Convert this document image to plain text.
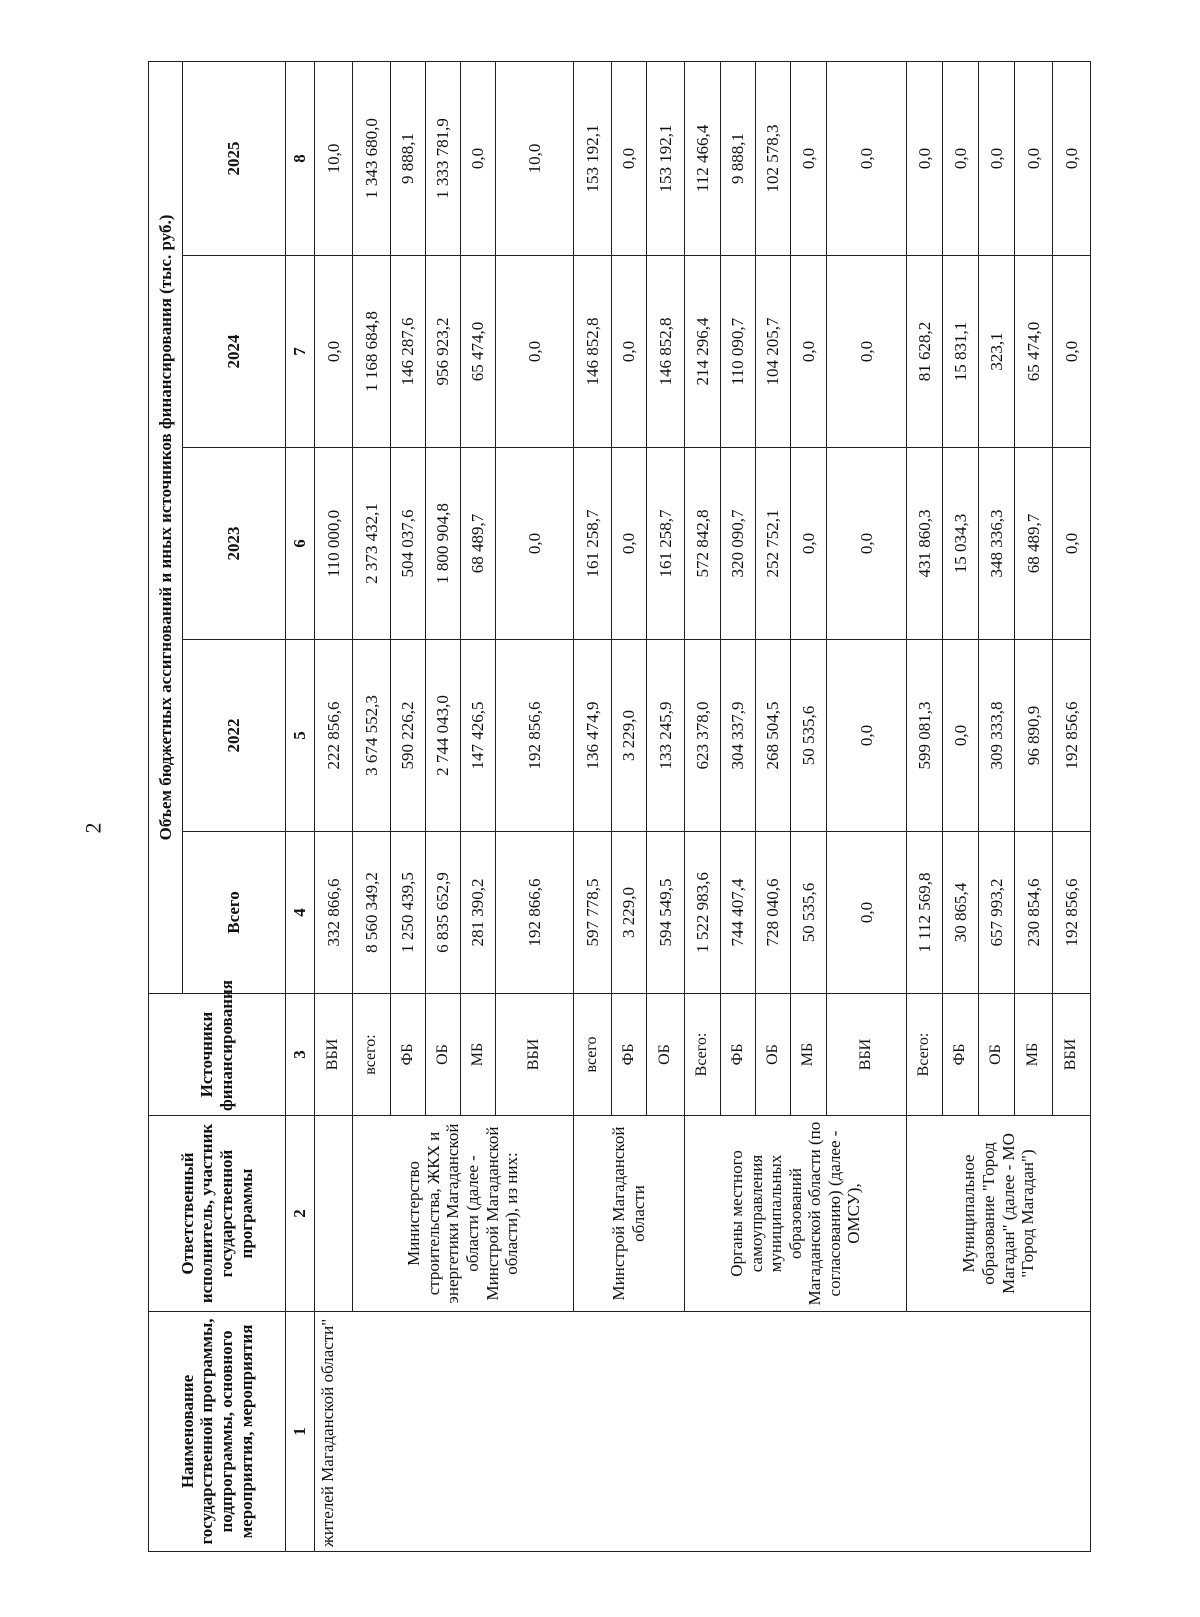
2
Наименование государственной программы, подпрограммы, основного мероприятия, мероприятия	Ответственный исполнитель, участник государственной программы	Источники финансирования	Объем бюджетных ассигнований и иных источников финансирования (тыс. руб.)				
			Всего	2022	2023	2024	2025
1	2	3	4	5	6	7	8
жителей Магаданской области"		ВБИ	332 866,6	222 856,6	110 000,0	0,0	10,0
	Министерство строительства, ЖКХ и энергетики Магаданской области (далее - Минстрой Магаданской области), из них:	всего:	8 560 349,2	3 674 552,3	2 373 432,1	1 168 684,8	1 343 680,0
		ФБ	1 250 439,5	590 226,2	504 037,6	146 287,6	9 888,1
		ОБ	6 835 652,9	2 744 043,0	1 800 904,8	956 923,2	1 333 781,9
		МБ	281 390,2	147 426,5	68 489,7	65 474,0	0,0
		ВБИ	192 866,6	192 856,6	0,0	0,0	10,0
	Минстрой Магаданской области	всего	597 778,5	136 474,9	161 258,7	146 852,8	153 192,1
		ФБ	3 229,0	3 229,0	0,0	0,0	0,0
		ОБ	594 549,5	133 245,9	161 258,7	146 852,8	153 192,1
	Органы местного самоуправления муниципальных образований Магаданской области (по согласованию) (далее - ОМСУ),	Всего:	1 522 983,6	623 378,0	572 842,8	214 296,4	112 466,4
		ФБ	744 407,4	304 337,9	320 090,7	110 090,7	9 888,1
		ОБ	728 040,6	268 504,5	252 752,1	104 205,7	102 578,3
		МБ	50 535,6	50 535,6	0,0	0,0	0,0
		ВБИ	0,0	0,0	0,0	0,0	0,0
	Муниципальное образование "Город Магадан" (далее - МО "Город Магадан")	Всего:	1 112 569,8	599 081,3	431 860,3	81 628,2	0,0
		ФБ	30 865,4	0,0	15 034,3	15 831,1	0,0
		ОБ	657 993,2	309 333,8	348 336,3	323,1	0,0
		МБ	230 854,6	96 890,9	68 489,7	65 474,0	0,0
		ВБИ	192 856,6	192 856,6	0,0	0,0	0,0
